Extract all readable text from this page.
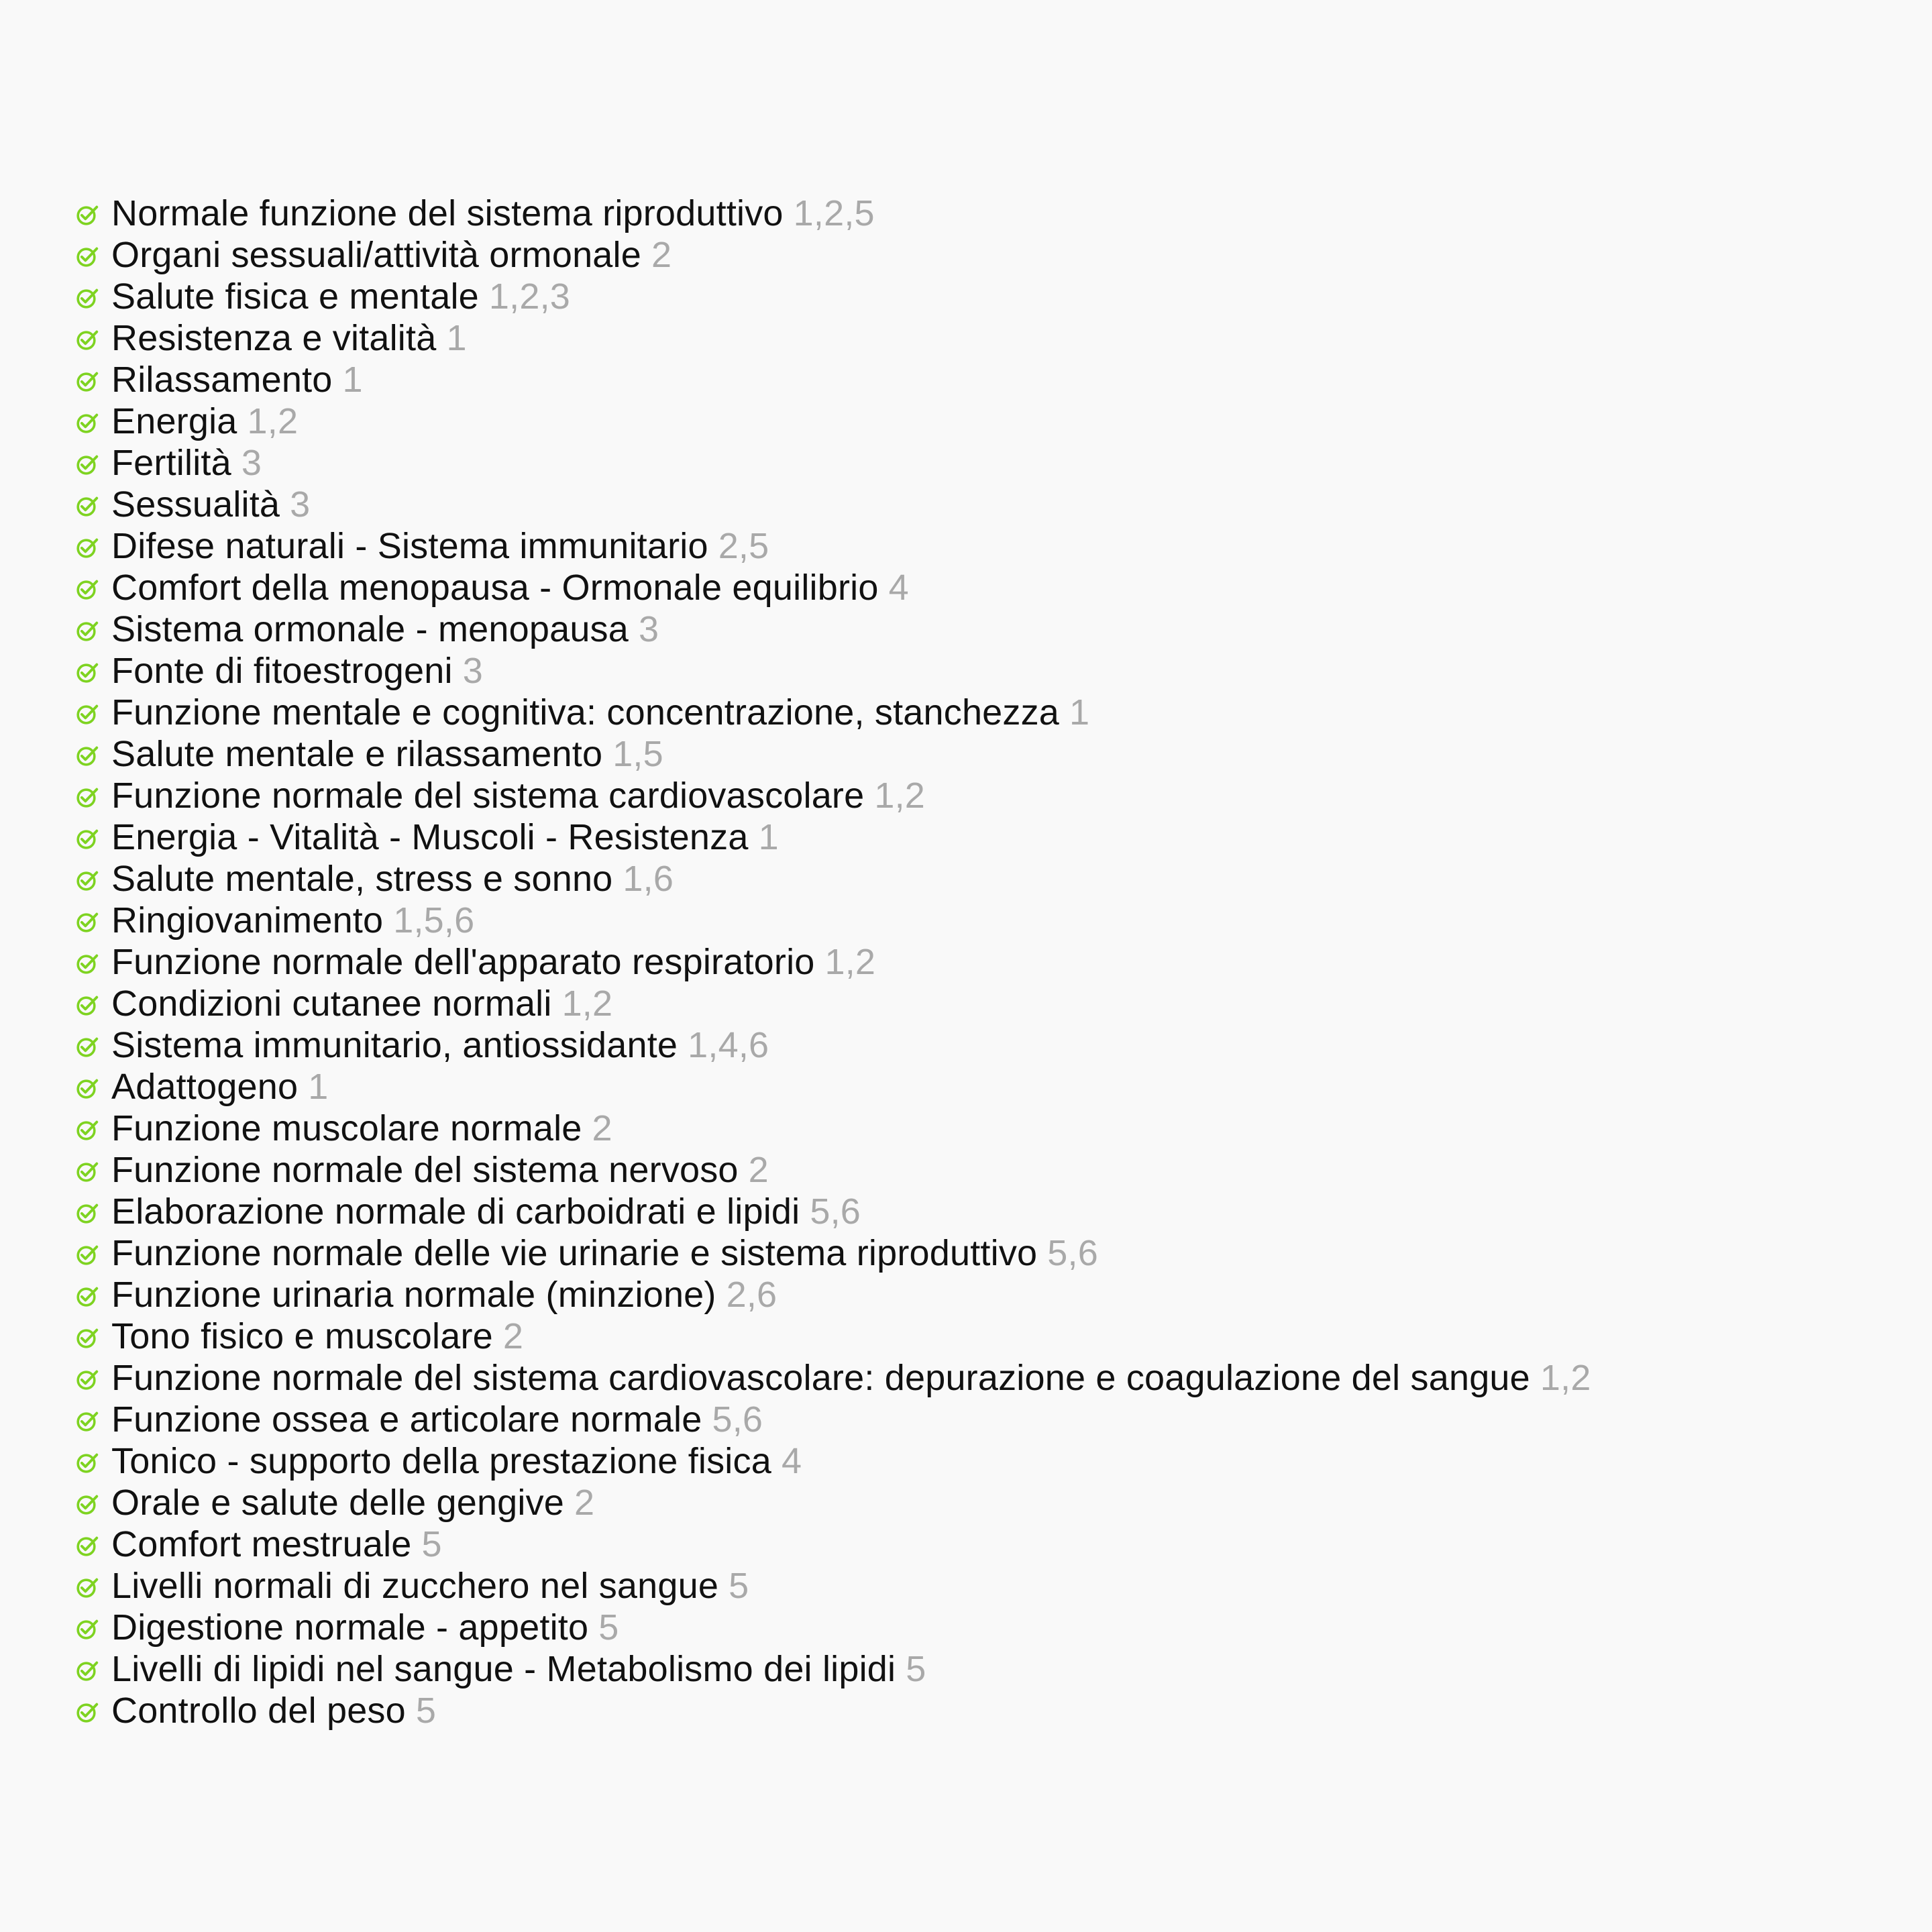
Normale funzione del sistema riproduttivo 1,2,5
Organi sessuali/attività ormonale 2
Salute fisica e mentale 1,2,3
Resistenza e vitalità 1
Rilassamento 1
Energia 1,2
Fertilità 3
Sessualità 3
Difese naturali - Sistema immunitario 2,5
Comfort della menopausa - Ormonale equilibrio 4
Sistema ormonale - menopausa 3
Fonte di fitoestrogeni 3
Funzione mentale e cognitiva: concentrazione, stanchezza 1
Salute mentale e rilassamento 1,5
Funzione normale del sistema cardiovascolare 1,2
Energia - Vitalità - Muscoli - Resistenza 1
Salute mentale, stress e sonno 1,6
Ringiovanimento 1,5,6
Funzione normale dell'apparato respiratorio 1,2
Condizioni cutanee normali 1,2
Sistema immunitario, antiossidante 1,4,6
Adattogeno 1
Funzione muscolare normale 2
Funzione normale del sistema nervoso 2
Elaborazione normale di carboidrati e lipidi 5,6
Funzione normale delle vie urinarie e sistema riproduttivo 5,6
Funzione urinaria normale (minzione) 2,6
Tono fisico e muscolare 2
Funzione normale del sistema cardiovascolare: depurazione e coagulazione del sangue 1,2
Funzione ossea e articolare normale 5,6
Tonico - supporto della prestazione fisica 4
Orale e salute delle gengive 2
Comfort mestruale 5
Livelli normali di zucchero nel sangue 5
Digestione normale - appetito 5
Livelli di lipidi nel sangue - Metabolismo dei lipidi 5
Controllo del peso 5
